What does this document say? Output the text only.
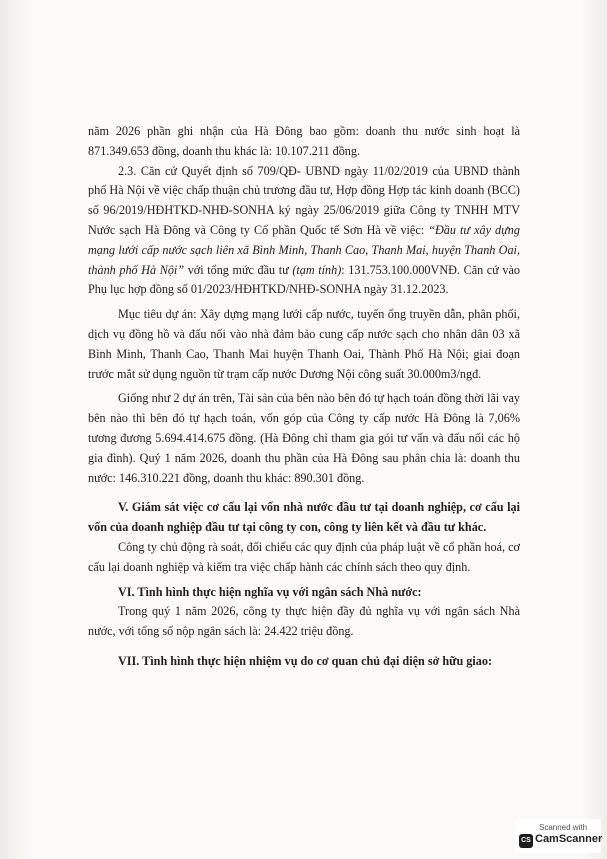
năm 2026 phần ghi nhận của Hà Đông bao gồm: doanh thu nước sinh hoạt là 871.349.653 đồng, doanh thu khác là: 10.107.211 đồng.

2.3. Căn cứ Quyết định số 709/QĐ- UBND ngày 11/02/2019 của UBND thành phố Hà Nội về việc chấp thuận chủ trương đầu tư, Hợp đồng Hợp tác kinh doanh (BCC) số 96/2019/HĐHTKD-NHĐ-SONHA ký ngày 25/06/2019 giữa Công ty TNHH MTV Nước sạch Hà Đông và Công ty Cổ phần Quốc tế Sơn Hà về việc: “Đầu tư xây dựng mạng lưới cấp nước sạch liên xã Bình Minh, Thanh Cao, Thanh Mai, huyện Thanh Oai, thành phố Hà Nội” với tổng mức đầu tư (tạm tính): 131.753.100.000VNĐ. Căn cứ vào Phụ lục hợp đồng số 01/2023/HĐHTKD/NHĐ-SONHA ngày 31.12.2023.

Mục tiêu dự án: Xây dựng mạng lưới cấp nước, tuyến ống truyền dẫn, phân phối, dịch vụ đồng hồ và đấu nối vào nhà đảm bảo cung cấp nước sạch cho nhân dân 03 xã Bình Minh, Thanh Cao, Thanh Mai huyện Thanh Oai, Thành Phố Hà Nội; giai đoạn trước mắt sử dụng nguồn từ trạm cấp nước Dương Nội công suất 30.000m3/ngđ.

Giống như 2 dự án trên, Tài sản của bên nào bên đó tự hạch toán đồng thời lãi vay bên nào thì bên đó tự hạch toán, vốn góp của Công ty cấp nước Hà Đông là 7,06% tương đương 5.694.414.675 đồng. (Hà Đông chỉ tham gia gói tư vấn và đấu nối các hộ gia đình). Quý 1 năm 2026, doanh thu phần của Hà Đông sau phân chia là: doanh thu nước: 146.310.221 đồng, doanh thu khác: 890.301 đồng.

V. Giám sát việc cơ cấu lại vốn nhà nước đầu tư tại doanh nghiệp, cơ cấu lại vốn của doanh nghiệp đầu tư tại công ty con, công ty liên kết và đầu tư khác.

Công ty chủ động rà soát, đối chiếu các quy định của pháp luật về cổ phần hoá, cơ cấu lại doanh nghiệp và kiểm tra việc chấp hành các chính sách theo quy định.

VI. Tình hình thực hiện nghĩa vụ với ngân sách Nhà nước:

Trong quý 1 năm 2026, công ty thực hiện đầy đủ nghĩa vụ với ngân sách Nhà nước, với tổng số nộp ngân sách là: 24.422 triệu đồng.

VII. Tình hình thực hiện nhiệm vụ do cơ quan chủ đại diện sở hữu giao:

Scanned with
CS CamScanner
